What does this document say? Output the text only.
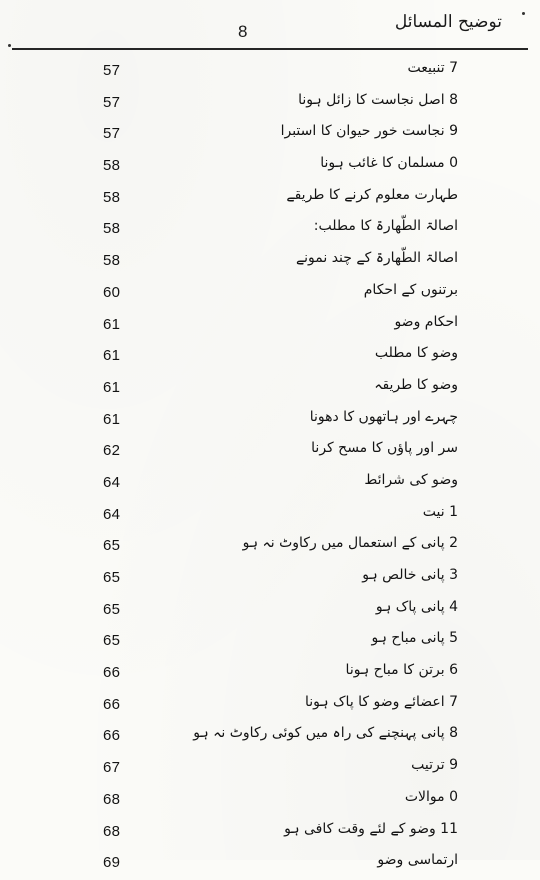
توضیح المسائل
8
7 تنبیعت
57
8 اصل نجاست کا زائل ہونا
57
9 نجاست خور حیوان کا استبرا
57
0 مسلمان کا غائب ہونا
58
طہارت معلوم کرنے کا طریقے
58
اصالۃ الطّھارۃ کا مطلب:
58
اصالۃ الطّھارۃ کے چند نمونے
58
برتنوں کے احکام
60
احکام وضو
61
وضو کا مطلب
61
وضو کا طریقہ
61
چہرے اور ہاتھوں کا دھونا
61
سر اور پاؤں کا مسح کرنا
62
وضو کی شرائط
64
1 نیت
64
2 پانی کے استعمال میں رکاوٹ نہ ہو
65
3 پانی خالص ہو
65
4 پانی پاک ہو
65
5 پانی مباح ہو
65
6 برتن کا مباح ہونا
66
7 اعضائے وضو کا پاک ہونا
66
8 پانی پہنچنے کی راہ میں کوئی رکاوٹ نہ ہو
66
9 ترتیب
67
0 موالات
68
11 وضو کے لئے وقت کافی ہو
68
ارتماسی وضو
69
